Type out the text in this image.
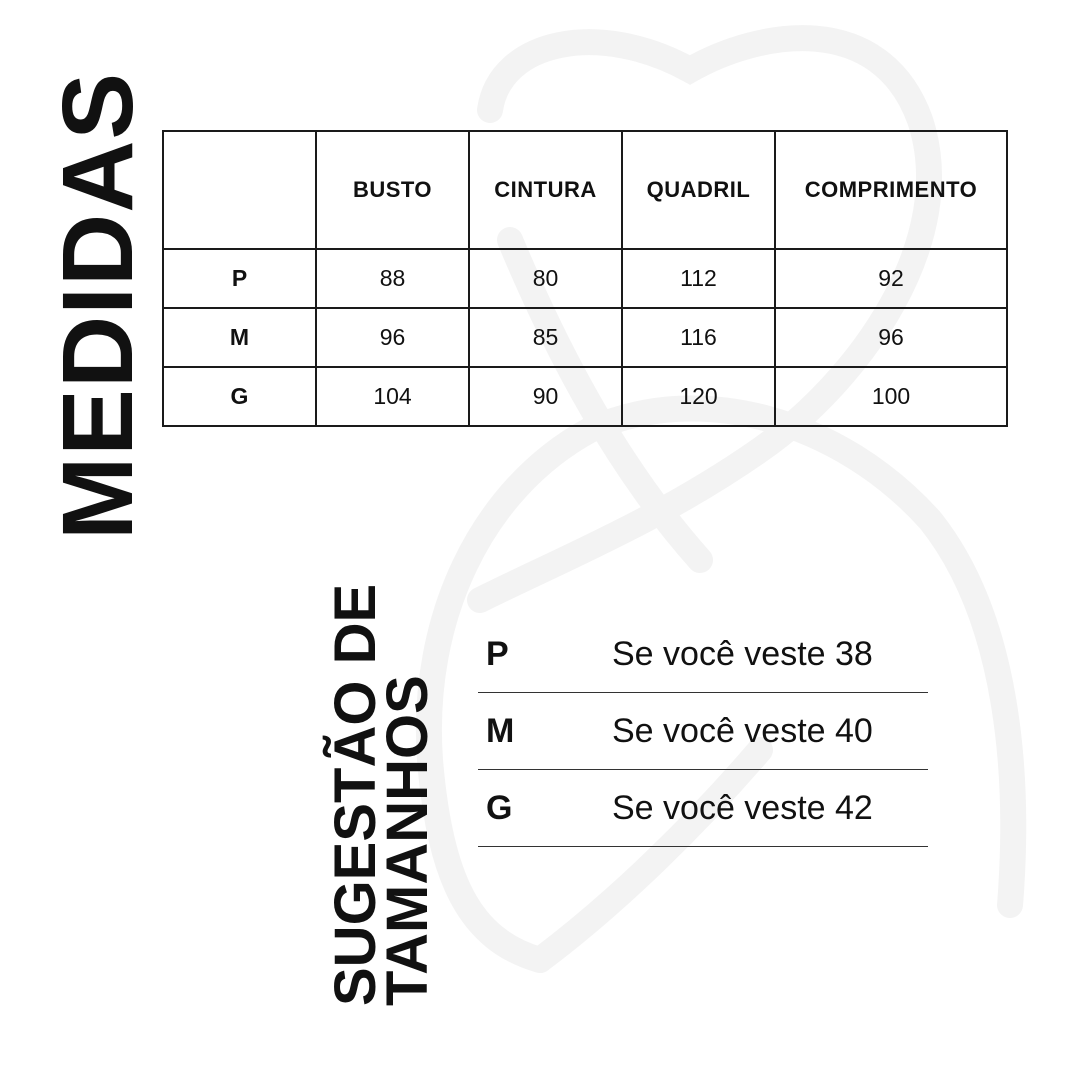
MEDIDAS
		BUSTO	CINTURA	QUADRIL	COMPRIMENTO
P	88	80	112	92
M	96	85	116	96
G	104	90	120	100
SUGESTÃO DE
TAMANHOS
P	Se você veste 38
M	Se você veste 40
G	Se você veste 42
